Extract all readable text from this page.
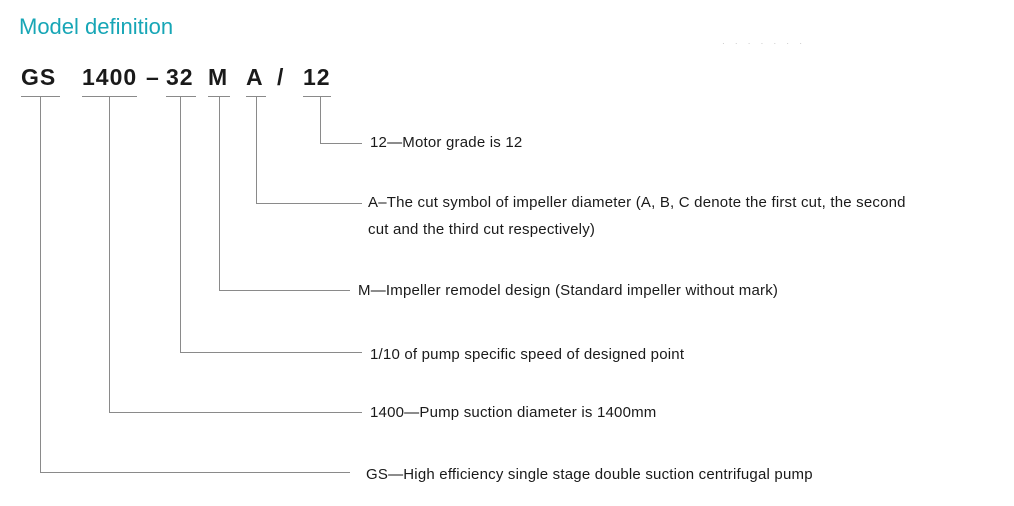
Model definition
· · · · · · ·
GS 1400 – 32 M A / 12
12—Motor grade is 12
A–The cut symbol of impeller diameter (A, B, C denote the first cut, the second
cut and the third cut respectively)
M—Impeller remodel design (Standard impeller without mark)
1/10 of pump specific speed of designed point
1400—Pump suction diameter is 1400mm
GS—High efficiency single stage double suction centrifugal pump
